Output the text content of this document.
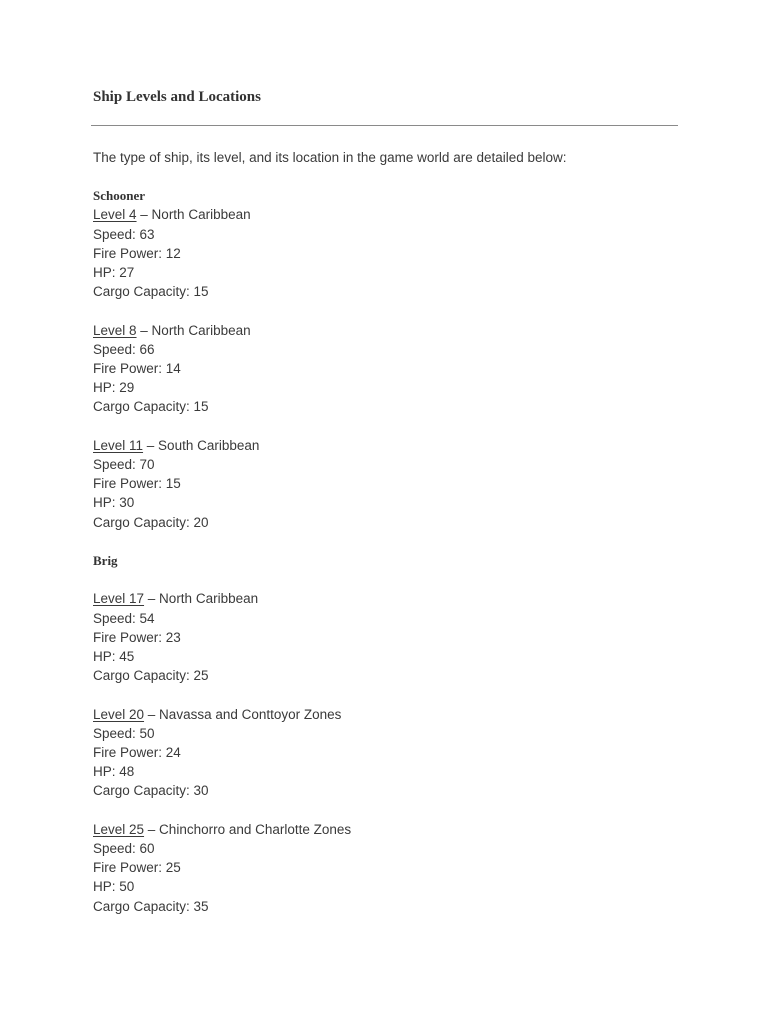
Ship Levels and Locations

The type of ship, its level, and its location in the game world are detailed below:

Schooner
Level 4 – North Caribbean
Speed: 63
Fire Power: 12
HP: 27
Cargo Capacity: 15
Level 8 – North Caribbean
Speed: 66
Fire Power: 14
HP: 29
Cargo Capacity: 15
Level 11 – South Caribbean
Speed: 70
Fire Power: 15
HP: 30
Cargo Capacity: 20
Brig
Level 17 – North Caribbean
Speed: 54
Fire Power: 23
HP: 45
Cargo Capacity: 25
Level 20 – Navassa and Conttoyor Zones
Speed: 50
Fire Power: 24
HP: 48
Cargo Capacity: 30
Level 25 – Chinchorro and Charlotte Zones
Speed: 60
Fire Power: 25
HP: 50
Cargo Capacity: 35
